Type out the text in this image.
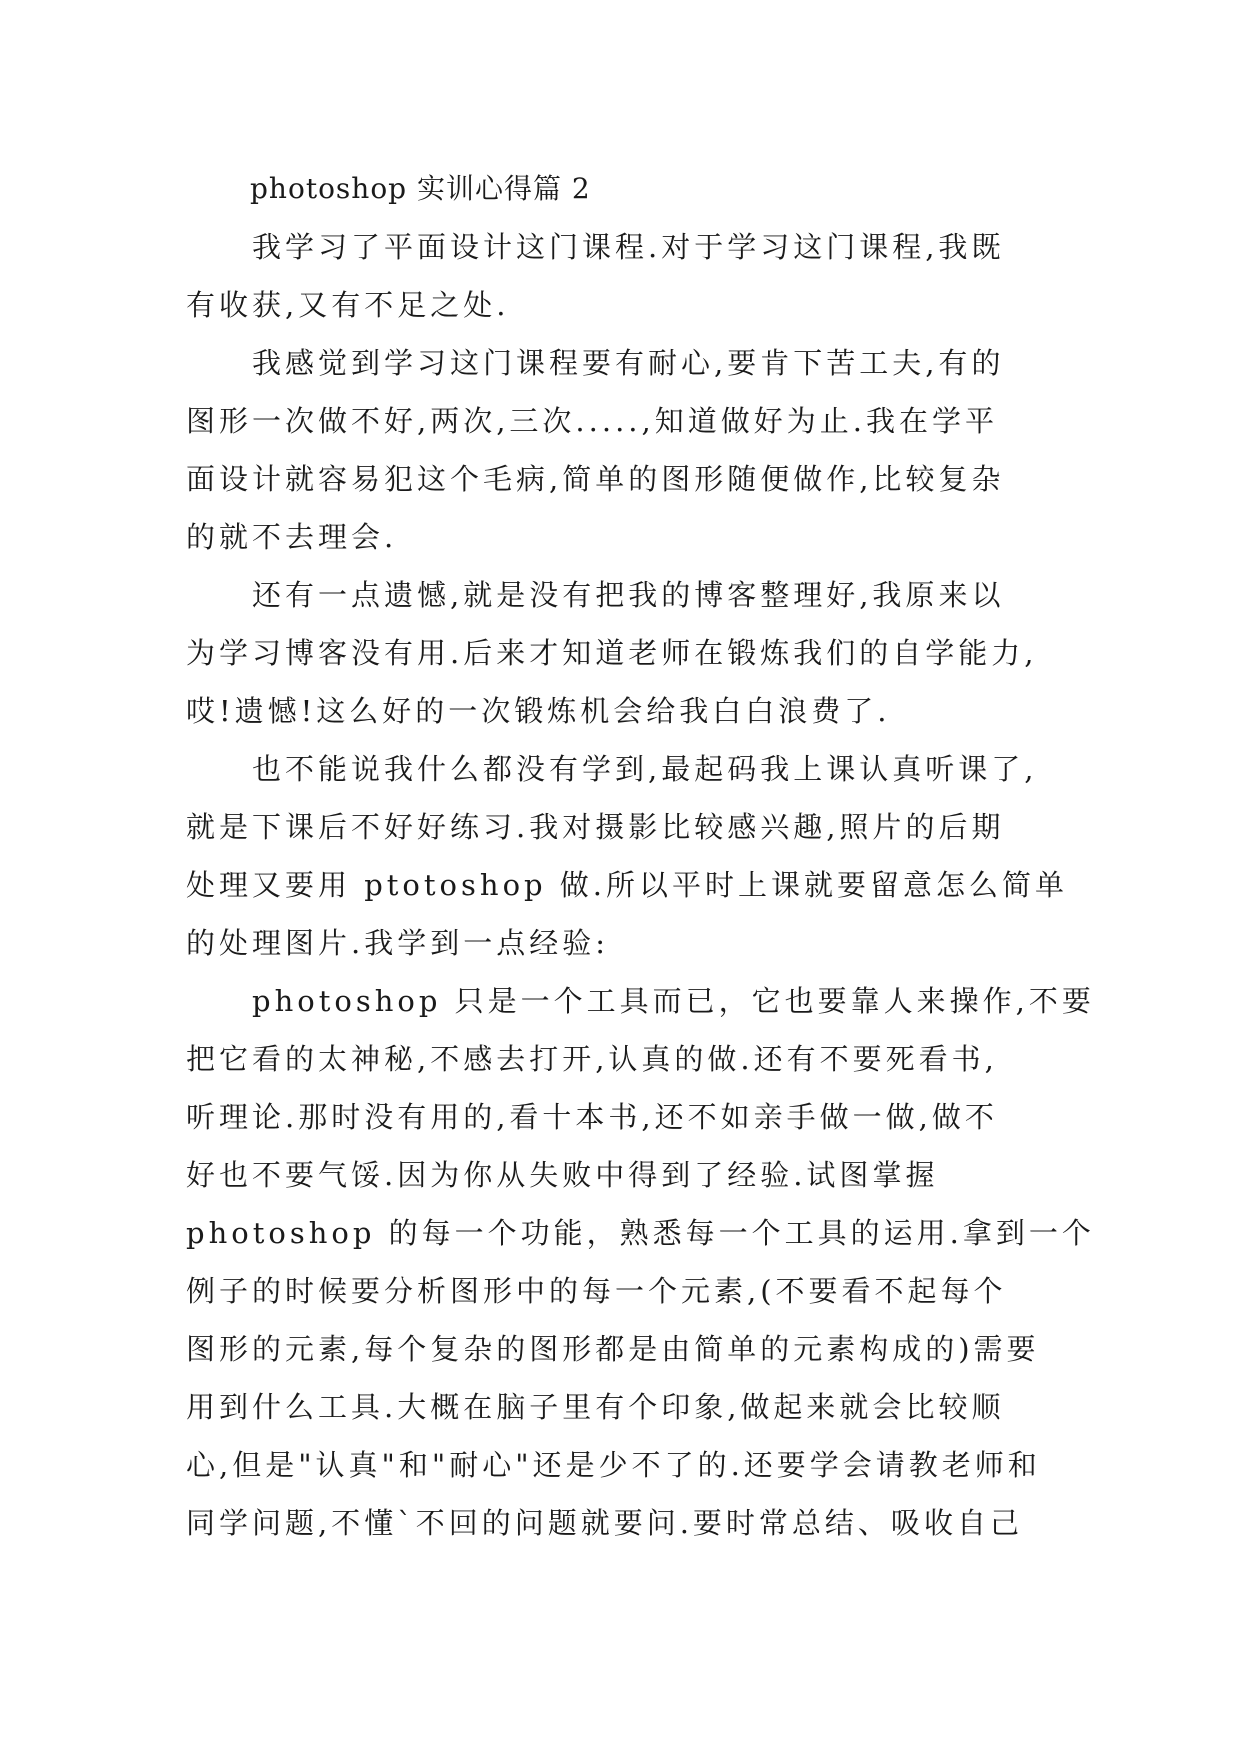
photoshop 实训心得篇 2

我学习了平面设计这门课程.对于学习这门课程,我既
有收获,又有不足之处.

我感觉到学习这门课程要有耐心,要肯下苦工夫,有的
图形一次做不好,两次,三次.....,知道做好为止.我在学平
面设计就容易犯这个毛病,简单的图形随便做作,比较复杂
的就不去理会.

还有一点遗憾,就是没有把我的博客整理好,我原来以
为学习博客没有用.后来才知道老师在锻炼我们的自学能力,
哎!遗憾!这么好的一次锻炼机会给我白白浪费了.

也不能说我什么都没有学到,最起码我上课认真听课了,
就是下课后不好好练习.我对摄影比较感兴趣,照片的后期
处理又要用 ptotoshop 做.所以平时上课就要留意怎么简单
的处理图片.我学到一点经验:

photoshop 只是一个工具而已，它也要靠人来操作,不要
把它看的太神秘,不感去打开,认真的做.还有不要死看书,
听理论.那时没有用的,看十本书,还不如亲手做一做,做不
好也不要气馁.因为你从失败中得到了经验.试图掌握
photoshop 的每一个功能，熟悉每一个工具的运用.拿到一个
例子的时候要分析图形中的每一个元素,(不要看不起每个
图形的元素,每个复杂的图形都是由简单的元素构成的)需要
用到什么工具.大概在脑子里有个印象,做起来就会比较顺
心,但是"认真"和"耐心"还是少不了的.还要学会请教老师和
同学问题,不懂`不回的问题就要问.要时常总结、吸收自己
